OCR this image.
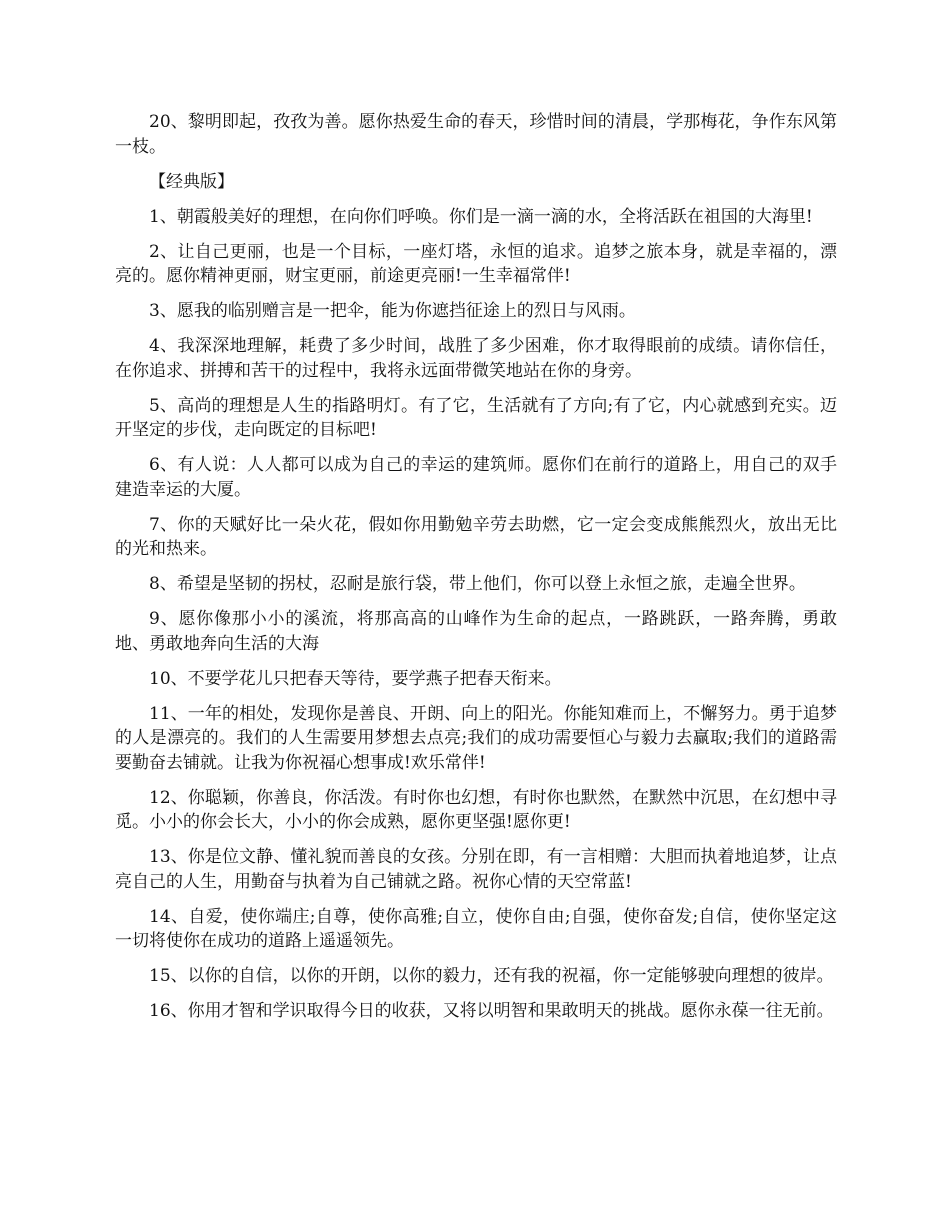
20、黎明即起，孜孜为善。愿你热爱生命的春天，珍惜时间的清晨，学那梅花，争作东风第一枝。

【经典版】

1、朝霞般美好的理想，在向你们呼唤。你们是一滴一滴的水，全将活跃在祖国的大海里!

2、让自己更丽，也是一个目标，一座灯塔，永恒的追求。追梦之旅本身，就是幸福的，漂亮的。愿你精神更丽，财宝更丽，前途更亮丽!一生幸福常伴!

3、愿我的临别赠言是一把伞，能为你遮挡征途上的烈日与风雨。

4、我深深地理解，耗费了多少时间，战胜了多少困难，你才取得眼前的成绩。请你信任，在你追求、拼搏和苦干的过程中，我将永远面带微笑地站在你的身旁。

5、高尚的理想是人生的指路明灯。有了它，生活就有了方向;有了它，内心就感到充实。迈开坚定的步伐，走向既定的目标吧!

6、有人说：人人都可以成为自己的幸运的建筑师。愿你们在前行的道路上，用自己的双手建造幸运的大厦。

7、你的天赋好比一朵火花，假如你用勤勉辛劳去助燃，它一定会变成熊熊烈火，放出无比的光和热来。

8、希望是坚韧的拐杖，忍耐是旅行袋，带上他们，你可以登上永恒之旅，走遍全世界。

9、愿你像那小小的溪流，将那高高的山峰作为生命的起点，一路跳跃，一路奔腾，勇敢地、勇敢地奔向生活的大海

10、不要学花儿只把春天等待，要学燕子把春天衔来。

11、一年的相处，发现你是善良、开朗、向上的阳光。你能知难而上，不懈努力。勇于追梦的人是漂亮的。我们的人生需要用梦想去点亮;我们的成功需要恒心与毅力去赢取;我们的道路需要勤奋去铺就。让我为你祝福心想事成!欢乐常伴!

12、你聪颖，你善良，你活泼。有时你也幻想，有时你也默然，在默然中沉思，在幻想中寻觅。小小的你会长大，小小的你会成熟，愿你更坚强!愿你更!

13、你是位文静、懂礼貌而善良的女孩。分别在即，有一言相赠：大胆而执着地追梦，让点亮自己的人生，用勤奋与执着为自己铺就之路。祝你心情的天空常蓝!

14、自爱，使你端庄;自尊，使你高雅;自立，使你自由;自强，使你奋发;自信，使你坚定这一切将使你在成功的道路上遥遥领先。

15、以你的自信，以你的开朗，以你的毅力，还有我的祝福，你一定能够驶向理想的彼岸。

16、你用才智和学识取得今日的收获，又将以明智和果敢明天的挑战。愿你永葆一往无前。
